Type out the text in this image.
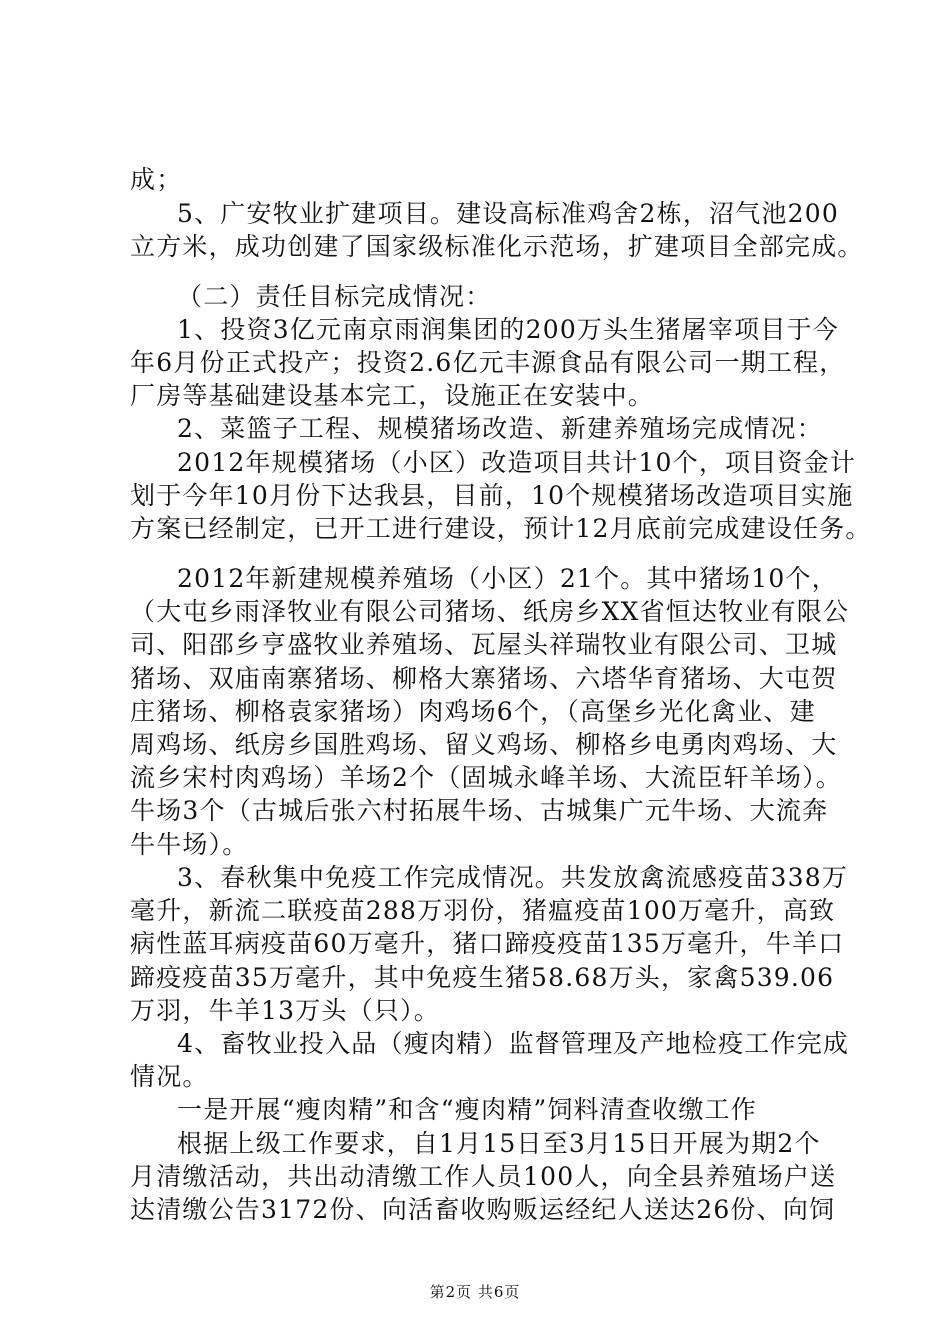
成；
5、广安牧业扩建项目。建设高标准鸡舍2栋，沼气池200
立方米，成功创建了国家级标准化示范场，扩建项目全部完成。
（二）责任目标完成情况：
1、投资3亿元南京雨润集团的200万头生猪屠宰项目于今
年6月份正式投产；投资2.6亿元丰源食品有限公司一期工程，
厂房等基础建设基本完工，设施正在安装中。
2、菜篮子工程、规模猪场改造、新建养殖场完成情况：
2012年规模猪场（小区）改造项目共计10个，项目资金计
划于今年10月份下达我县，目前，10个规模猪场改造项目实施
方案已经制定，已开工进行建设，预计12月底前完成建设任务。
2012年新建规模养殖场（小区）21个。其中猪场10个，
（大屯乡雨泽牧业有限公司猪场、纸房乡XX省恒达牧业有限公
司、阳邵乡亨盛牧业养殖场、瓦屋头祥瑞牧业有限公司、卫城
猪场、双庙南寨猪场、柳格大寨猪场、六塔华育猪场、大屯贺
庄猪场、柳格袁家猪场）肉鸡场6个，（高堡乡光化禽业、建
周鸡场、纸房乡国胜鸡场、留义鸡场、柳格乡电勇肉鸡场、大
流乡宋村肉鸡场）羊场2个（固城永峰羊场、大流臣轩羊场）。
牛场3个（古城后张六村拓展牛场、古城集广元牛场、大流奔
牛牛场）。
3、春秋集中免疫工作完成情况。共发放禽流感疫苗338万
毫升，新流二联疫苗288万羽份，猪瘟疫苗100万毫升，高致
病性蓝耳病疫苗60万毫升，猪口蹄疫疫苗135万毫升，牛羊口
蹄疫疫苗35万毫升，其中免疫生猪58.68万头，家禽539.06
万羽，牛羊13万头（只）。
4、畜牧业投入品（瘦肉精）监督管理及产地检疫工作完成
情况。
一是开展“瘦肉精”和含“瘦肉精”饲料清查收缴工作
根据上级工作要求，自1月15日至3月15日开展为期2个
月清缴活动，共出动清缴工作人员100人，向全县养殖场户送
达清缴公告3172份、向活畜收购贩运经纪人送达26份、向饲
第2页 共6页
